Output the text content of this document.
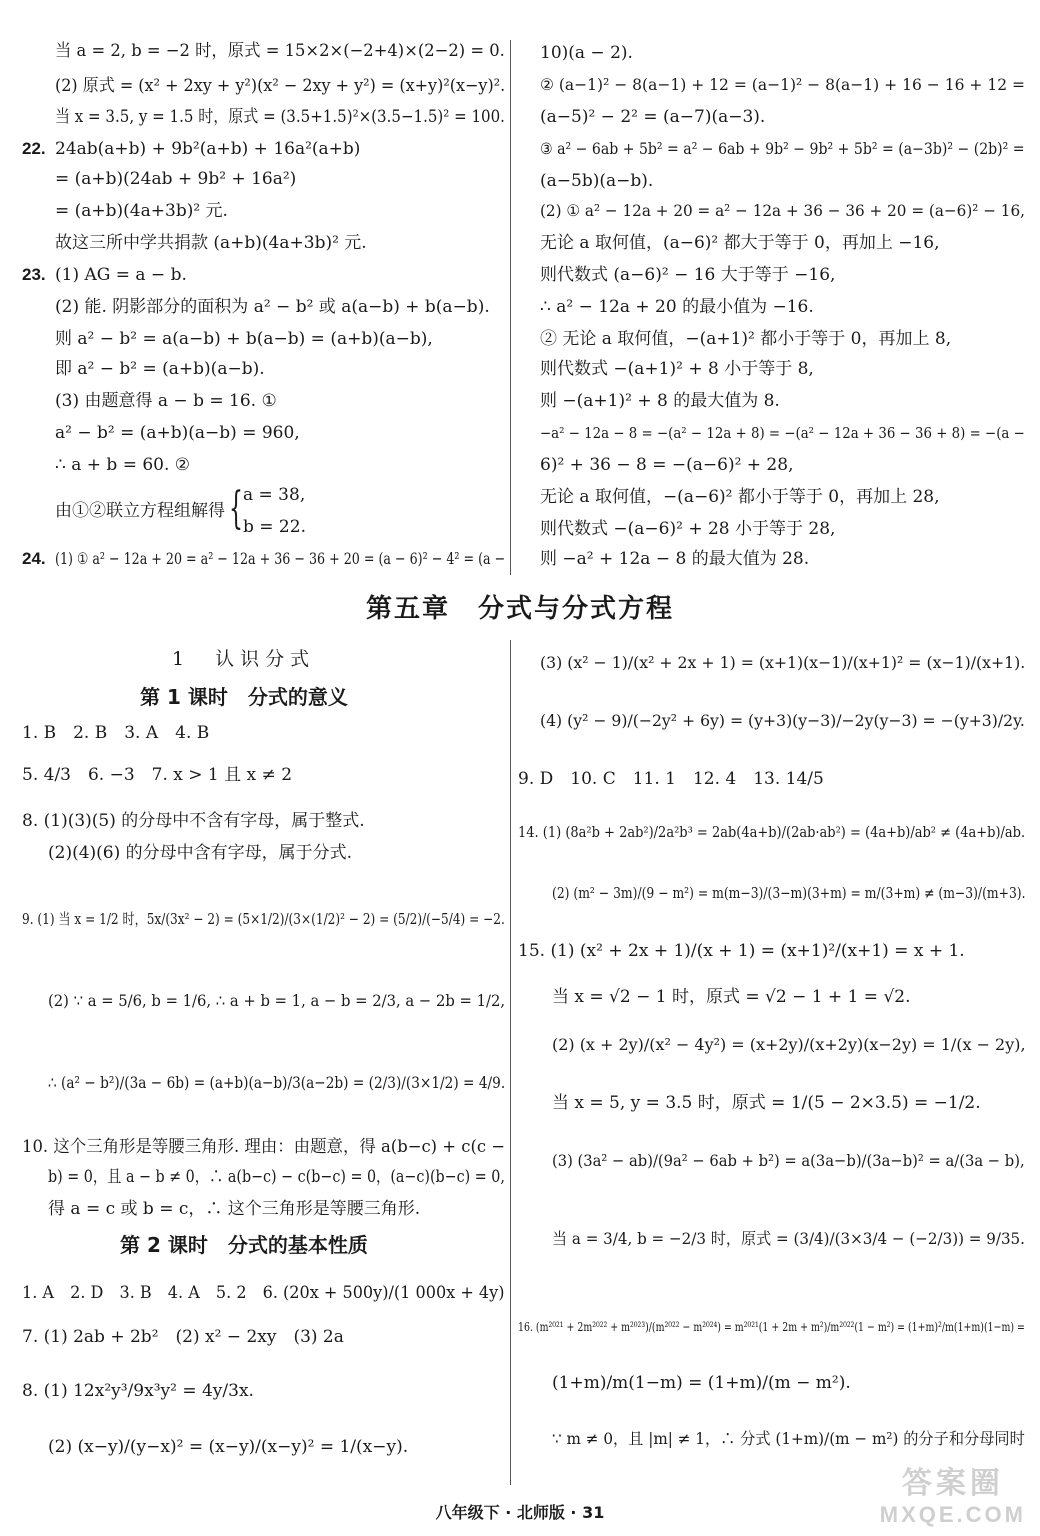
当 a = 2, b = −2 时，原式 = 15×2×(−2+4)×(2−2) = 0.
(2) 原式 = (x² + 2xy + y²)(x² − 2xy + y²) = (x+y)²(x−y)².
当 x = 3.5, y = 1.5 时，原式 = (3.5+1.5)²×(3.5−1.5)² = 100.
22. 24ab(a+b) + 9b²(a+b) + 16a²(a+b)
= (a+b)(24ab + 9b² + 16a²)
= (a+b)(4a+3b)² 元.
故这三所中学共捐款 (a+b)(4a+3b)² 元.
23. (1) AG = a − b.
(2) 能. 阴影部分的面积为 a² − b² 或 a(a−b) + b(a−b).
则 a² − b² = a(a−b) + b(a−b) = (a+b)(a−b),
即 a² − b² = (a+b)(a−b).
(3) 由题意得 a − b = 16. ①
a² − b² = (a+b)(a−b) = 960,
∴ a + b = 60. ②
由①②联立方程组解得 { a = 38,
b = 22.
24. (1) ① a² − 12a + 20 = a² − 12a + 36 − 36 + 20 = (a − 6)² − 4² = (a −
10)(a − 2).
② (a−1)² − 8(a−1) + 12 = (a−1)² − 8(a−1) + 16 − 16 + 12 =
(a−5)² − 2² = (a−7)(a−3).
③ a² − 6ab + 5b² = a² − 6ab + 9b² − 9b² + 5b² = (a−3b)² − (2b)² =
(a−5b)(a−b).
(2) ① a² − 12a + 20 = a² − 12a + 36 − 36 + 20 = (a−6)² − 16,
无论 a 取何值，(a−6)² 都大于等于 0，再加上 −16,
则代数式 (a−6)² − 16 大于等于 −16,
∴ a² − 12a + 20 的最小值为 −16.
② 无论 a 取何值，−(a+1)² 都小于等于 0，再加上 8,
则代数式 −(a+1)² + 8 小于等于 8,
则 −(a+1)² + 8 的最大值为 8.
−a² − 12a − 8 = −(a² − 12a + 8) = −(a² − 12a + 36 − 36 + 8) = −(a −
6)² + 36 − 8 = −(a−6)² + 28,
无论 a 取何值，−(a−6)² 都小于等于 0，再加上 28,
则代数式 −(a−6)² + 28 小于等于 28,
则 −a² + 12a − 8 的最大值为 28.
第五章　分式与分式方程
1　认识分式
第 1 课时　分式的意义
1. B　2. B　3. A　4. B
5. 4/3　6. −3　7. x > 1 且 x ≠ 2
8. (1)(3)(5) 的分母中不含有字母，属于整式.
(2)(4)(6) 的分母中含有字母，属于分式.
9. (1) 当 x = 1/2 时，5x/(3x² − 2) = (5×1/2)/(3×(1/2)² − 2) = (5/2)/(−5/4) = −2.
(2) ∵ a = 5/6, b = 1/6, ∴ a + b = 1, a − b = 2/3, a − 2b = 1/2,
∴ (a² − b²)/(3a − 6b) = (a+b)(a−b)/3(a−2b) = (2/3)/(3×1/2) = 4/9.
10. 这个三角形是等腰三角形. 理由：由题意，得 a(b−c) + c(c −
b) = 0，且 a − b ≠ 0，∴ a(b−c) − c(b−c) = 0，(a−c)(b−c) = 0,
得 a = c 或 b = c，∴ 这个三角形是等腰三角形.
第 2 课时　分式的基本性质
1. A　2. D　3. B　4. A　5. 2　6. (20x + 500y)/(1 000x + 4y)
7. (1) 2ab + 2b²　(2) x² − 2xy　(3) 2a
8. (1) 12x²y³/9x³y² = 4y/3x.
(2) (x−y)/(y−x)² = (x−y)/(x−y)² = 1/(x−y).
(3) (x² − 1)/(x² + 2x + 1) = (x+1)(x−1)/(x+1)² = (x−1)/(x+1).
(4) (y² − 9)/(−2y² + 6y) = (y+3)(y−3)/−2y(y−3) = −(y+3)/2y.
9. D　10. C　11. 1　12. 4　13. 14/5
14. (1) (8a²b + 2ab²)/2a²b³ = 2ab(4a+b)/(2ab·ab²) = (4a+b)/ab² ≠ (4a+b)/ab.
(2) (m² − 3m)/(9 − m²) = m(m−3)/(3−m)(3+m) = m/(3+m) ≠ (m−3)/(m+3).
15. (1) (x² + 2x + 1)/(x + 1) = (x+1)²/(x+1) = x + 1.
当 x = √2 − 1 时，原式 = √2 − 1 + 1 = √2.
(2) (x + 2y)/(x² − 4y²) = (x+2y)/(x+2y)(x−2y) = 1/(x − 2y),
当 x = 5, y = 3.5 时，原式 = 1/(5 − 2×3.5) = −1/2.
(3) (3a² − ab)/(9a² − 6ab + b²) = a(3a−b)/(3a−b)² = a/(3a − b),
当 a = 3/4, b = −2/3 时，原式 = (3/4)/(3×3/4 − (−2/3)) = 9/35.
16. (m²⁰²¹ + 2m²⁰²² + m²⁰²³)/(m²⁰²² − m²⁰²⁴) = m²⁰²¹(1 + 2m + m²)/m²⁰²²(1 − m²) = (1+m)²/m(1+m)(1−m) =
(1+m)/m(1−m) = (1+m)/(m − m²).
∵ m ≠ 0，且 |m| ≠ 1，∴ 分式 (1+m)/(m − m²) 的分子和分母同时
八年级下 · 北师版 · 31
答案圈
MXQE.COM
